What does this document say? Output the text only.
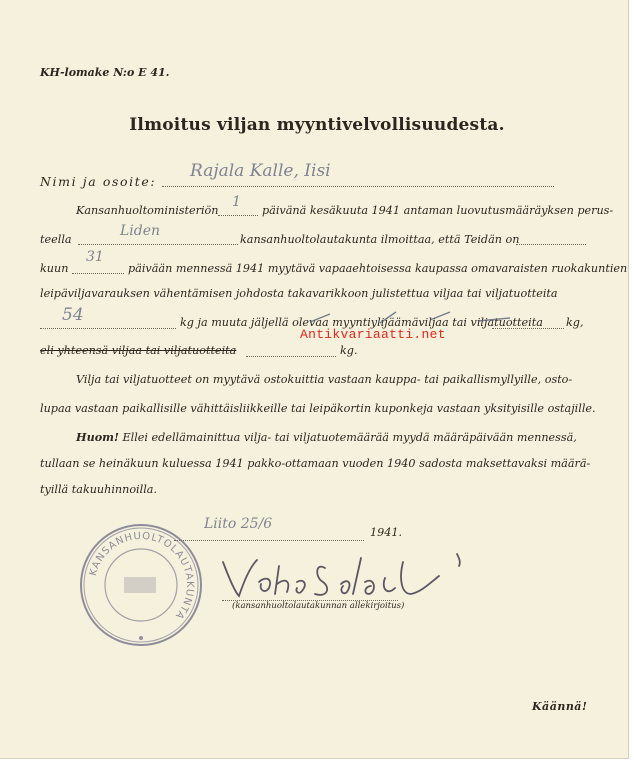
KH-lomake N:o E 41.
Ilmoitus viljan myyntivelvollisuudesta.
Nimi ja osoite:
Rajala Kalle, Iisi
Kansanhuoltoministeriön
1
päivänä kesäkuuta 1941 antaman luovutusmääräyksen perus-
teella
Liden
kansanhuoltolautakunta ilmoittaa, että Teidän on
kuun
31
päivään mennessä 1941 myytävä vapaaehtoisessa kaupassa omavaraisten ruokakuntien
leipäviljavarauksen vähentämisen johdosta takavarikkoon julistettua viljaa tai viljatuotteita
54	kg ja muuta jäljellä olevaa myyntiylijäämäviljaa tai viljatuotteita kg,
eli yhteensä viljaa tai viljatuotteita	kg.
Antikvariaatti.net
Vilja tai viljatuotteet on myytävä ostokuittia vastaan kauppa- tai paikallismyllyille, osto-
lupaa vastaan paikallisille vähittäisliikkeille tai leipäkortin kuponkeja vastaan yksityisille ostajille.
Huom! Ellei edellämainittua vilja- tai viljatuotemäärää myydä määräpäivään mennessä,
tullaan se heinäkuun kuluessa 1941 pakko-ottamaan vuoden 1940 sadosta maksettavaksi määrä-
tyillä takuuhinnoilla.
Liito 25/6
1941.
KANSANHUOLTOLAUTAKUNTA
(kansanhuoltolautakunnan allekirjoitus)
Käännä!
